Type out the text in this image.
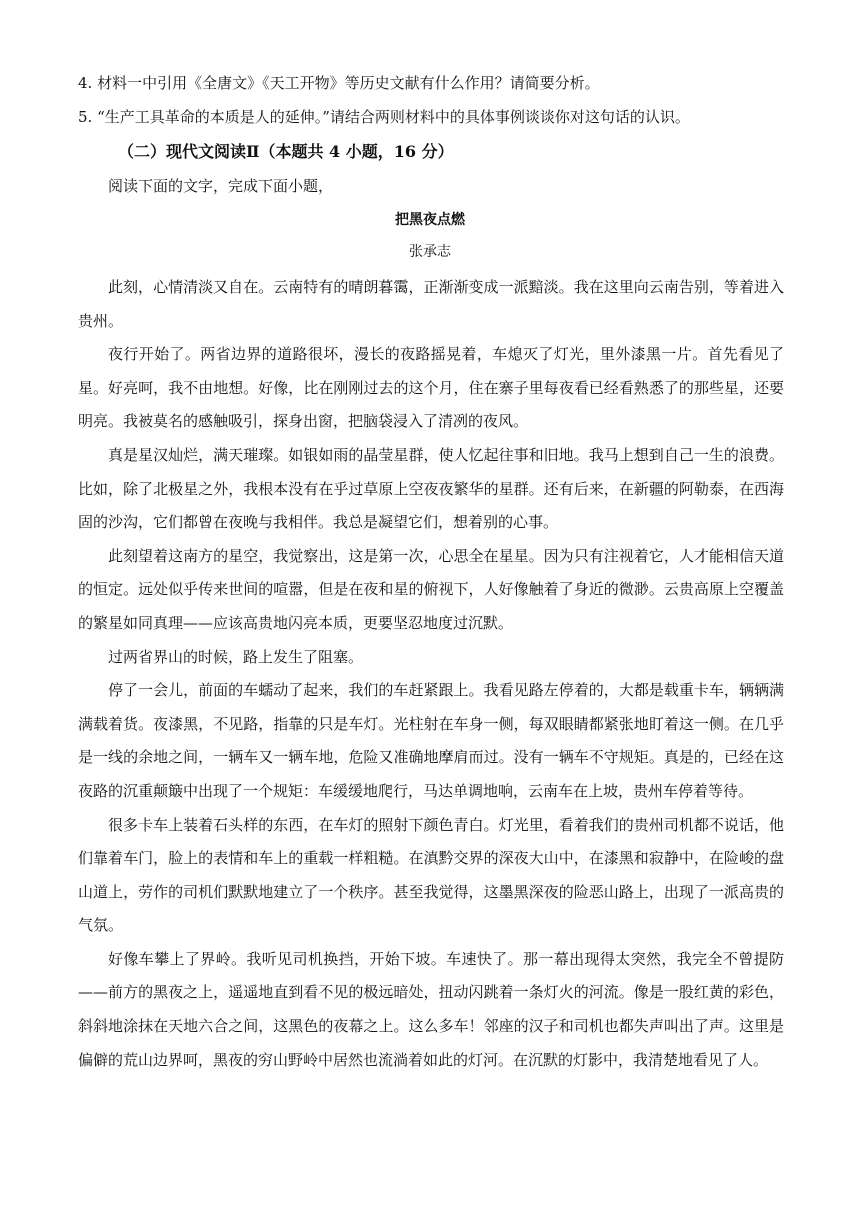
4. 材料一中引用《全唐文》《天工开物》等历史文献有什么作用？请简要分析。
5. “生产工具革命的本质是人的延伸。”请结合两则材料中的具体事例谈谈你对这句话的认识。
（二）现代文阅读Ⅱ（本题共 4 小题，16 分）
阅读下面的文字，完成下面小题，
把黑夜点燃
张承志

此刻，心情清淡又自在。云南特有的晴朗暮霭，正渐渐变成一派黯淡。我在这里向云南告别，等着进入贵州。

夜行开始了。两省边界的道路很坏，漫长的夜路摇晃着，车熄灭了灯光，里外漆黑一片。首先看见了星。好亮呵，我不由地想。好像，比在刚刚过去的这个月，住在寨子里每夜看已经看熟悉了的那些星，还要明亮。我被莫名的感触吸引，探身出窗，把脑袋浸入了清冽的夜风。

真是星汉灿烂，满天璀璨。如银如雨的晶莹星群，使人忆起往事和旧地。我马上想到自己一生的浪费。比如，除了北极星之外，我根本没有在乎过草原上空夜夜繁华的星群。还有后来，在新疆的阿勒泰，在西海固的沙沟，它们都曾在夜晚与我相伴。我总是凝望它们，想着别的心事。

此刻望着这南方的星空，我觉察出，这是第一次，心思全在星星。因为只有注视着它，人才能相信天道的恒定。远处似乎传来世间的喧嚣，但是在夜和星的俯视下，人好像触着了身近的微渺。云贵高原上空覆盖的繁星如同真理——应该高贵地闪亮本质，更要坚忍地度过沉默。

过两省界山的时候，路上发生了阻塞。

停了一会儿，前面的车蠕动了起来，我们的车赶紧跟上。我看见路左停着的，大都是载重卡车，辆辆满满载着货。夜漆黑，不见路，指靠的只是车灯。光柱射在车身一侧，每双眼睛都紧张地盯着这一侧。在几乎是一线的余地之间，一辆车又一辆车地，危险又准确地摩肩而过。没有一辆车不守规矩。真是的，已经在这夜路的沉重颠簸中出现了一个规矩：车缓缓地爬行，马达单调地响，云南车在上坡，贵州车停着等待。

很多卡车上装着石头样的东西，在车灯的照射下颜色青白。灯光里，看着我们的贵州司机都不说话，他们靠着车门，脸上的表情和车上的重载一样粗糙。在滇黔交界的深夜大山中，在漆黑和寂静中，在险峻的盘山道上，劳作的司机们默默地建立了一个秩序。甚至我觉得，这墨黑深夜的险恶山路上，出现了一派高贵的气氛。

好像车攀上了界岭。我听见司机换挡，开始下坡。车速快了。那一幕出现得太突然，我完全不曾提防——前方的黑夜之上，遥遥地直到看不见的极远暗处，扭动闪跳着一条灯火的河流。像是一股红黄的彩色，斜斜地涂抹在天地六合之间，这黑色的夜幕之上。这么多车！邻座的汉子和司机也都失声叫出了声。这里是偏僻的荒山边界呵，黑夜的穷山野岭中居然也流淌着如此的灯河。在沉默的灯影中，我清楚地看见了人。
